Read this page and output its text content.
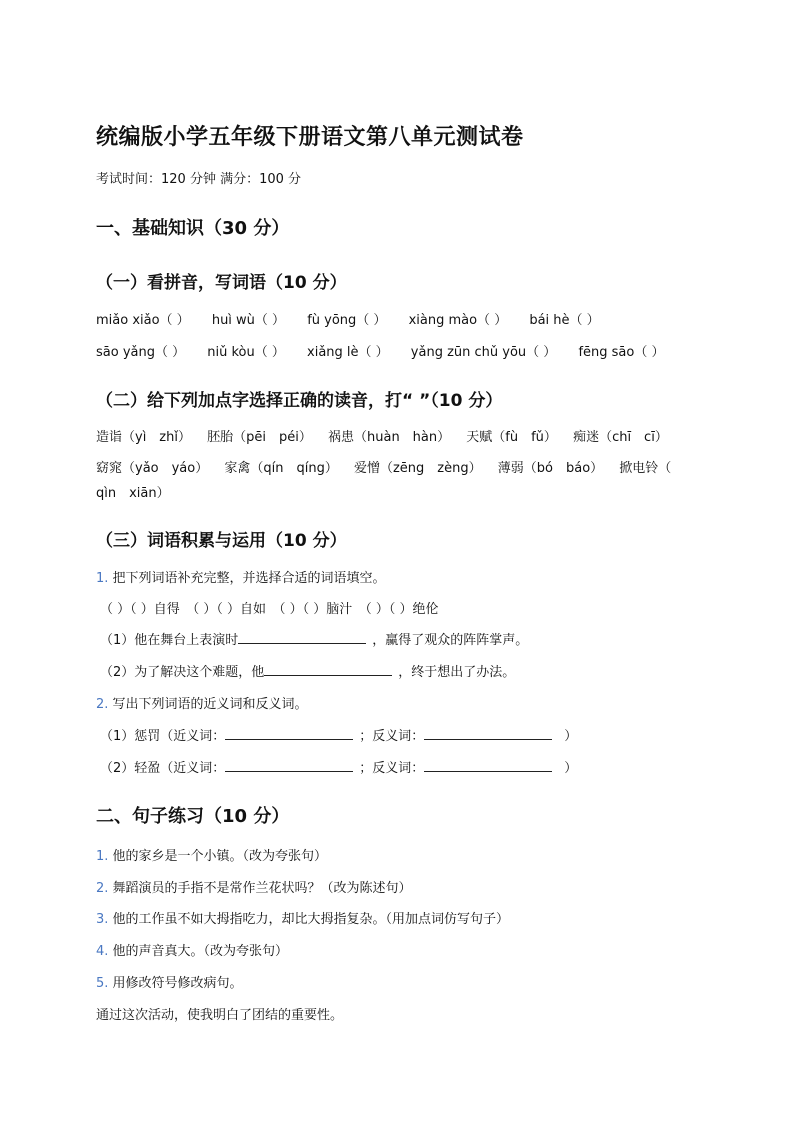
统编版小学五年级下册语文第八单元测试卷
考试时间：120 分钟 满分：100 分
一、基础知识（30 分）
（一）看拼音，写词语（10 分）
miǎo xiǎo（ ） huì wù（ ） fù yōng（ ） xiàng mào（ ） bái hè（ ）
sāo yǎng（ ） niǔ kòu（ ） xiǎng lè（ ） yǎng zūn chǔ yōu（ ） fēng sāo（ ）
（二）给下列加点字选择正确的读音，打“ ”（10 分）
造诣（yì　zhǐ） 胚胎（pēi　péi） 祸患（huàn　hàn） 天赋（fù　fǔ） 痴迷（chī　cī）
窈窕（yǎo　yáo） 家禽（qín　qíng） 爱憎（zēng　zèng） 薄弱（bó　báo） 掀电铃（
qìn　xiān）
（三）词语积累与运用（10 分）
1. 把下列词语补充完整，并选择合适的词语填空。
（ ）（ ）自得　（ ）（ ）自如　（ ）（ ）脑汁　（ ）（ ）绝伦
（1）他在舞台上表演时	，赢得了观众的阵阵掌声。
（2）为了解决这个难题，他	，终于想出了办法。
2. 写出下列词语的近义词和反义词。
（1）惩罚（近义词：	；反义词：	）
（2）轻盈（近义词：	；反义词：	）
二、句子练习（10 分）
1. 他的家乡是一个小镇。（改为夸张句）
2. 舞蹈演员的手指不是常作兰花状吗？（改为陈述句）
3. 他的工作虽不如大拇指吃力，却比大拇指复杂。（用加点词仿写句子）
4. 他的声音真大。（改为夸张句）
5. 用修改符号修改病句。
通过这次活动，使我明白了团结的重要性。
